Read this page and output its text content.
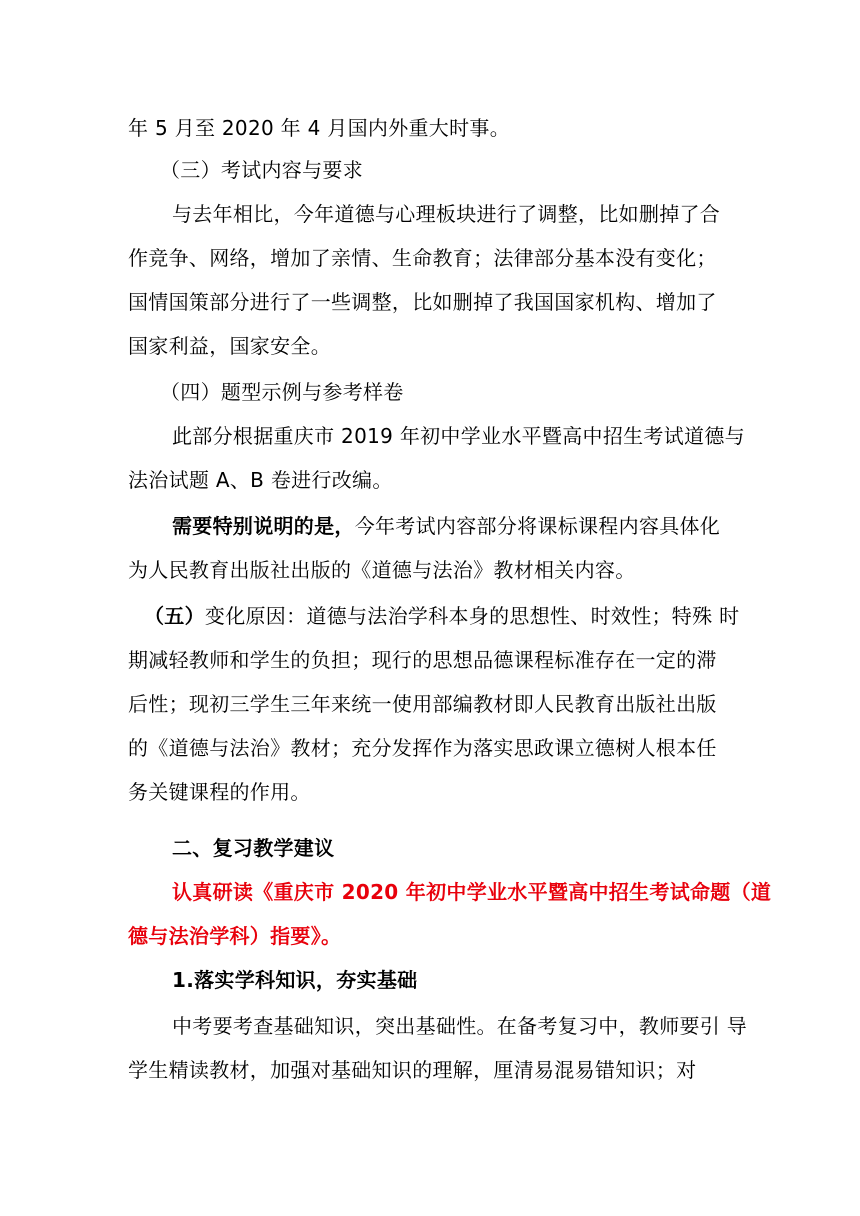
年 5 月至 2020 年 4 月国内外重大时事。
（三）考试内容与要求
与去年相比，今年道德与心理板块进行了调整，比如删掉了合
作竞争、网络，增加了亲情、生命教育；法律部分基本没有变化；
国情国策部分进行了一些调整，比如删掉了我国国家机构、增加了
国家利益，国家安全。
（四）题型示例与参考样卷
此部分根据重庆市 2019 年初中学业水平暨高中招生考试道德与
法治试题 A、B 卷进行改编。
需要特别说明的是，今年考试内容部分将课标课程内容具体化
为人民教育出版社出版的《道德与法治》教材相关内容。
（五）变化原因：道德与法治学科本身的思想性、时效性；特殊 时
期减轻教师和学生的负担；现行的思想品德课程标准存在一定的滞
后性；现初三学生三年来统一使用部编教材即人民教育出版社出版
的《道德与法治》教材；充分发挥作为落实思政课立德树人根本任
务关键课程的作用。
二、复习教学建议
认真研读《重庆市 2020 年初中学业水平暨高中招生考试命题（道
德与法治学科）指要》。
1.落实学科知识，夯实基础
中考要考查基础知识，突出基础性。在备考复习中，教师要引 导
学生精读教材，加强对基础知识的理解，厘清易混易错知识；对
